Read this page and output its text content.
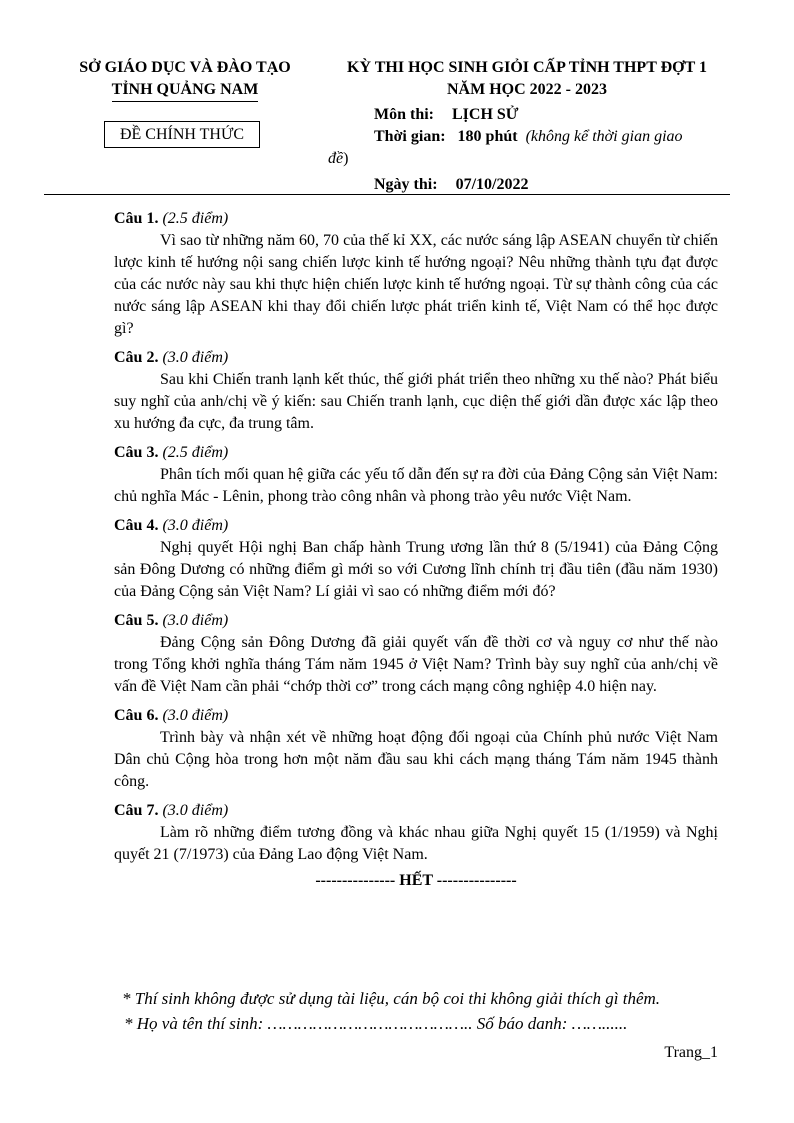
SỞ GIÁO DỤC VÀ ĐÀO TẠO
TỈNH QUẢNG NAM
KỲ THI HỌC SINH GIỎI CẤP TỈNH THPT ĐỢT 1
NĂM HỌC 2022 - 2023
ĐỀ CHÍNH THỨC
Môn thi: LỊCH SỬ
Thời gian: 180 phút (không kể thời gian giao
đề)
Ngày thi: 07/10/2022
Câu 1. (2.5 điểm)

Vì sao từ những năm 60, 70 của thế kỉ XX, các nước sáng lập ASEAN chuyển từ chiến lược kinh tế hướng nội sang chiến lược kinh tế hướng ngoại? Nêu những thành tựu đạt được của các nước này sau khi thực hiện chiến lược kinh tế hướng ngoại. Từ sự thành công của các nước sáng lập ASEAN khi thay đổi chiến lược phát triển kinh tế, Việt Nam có thể học được gì?

Câu 2. (3.0 điểm)

Sau khi Chiến tranh lạnh kết thúc, thế giới phát triển theo những xu thế nào? Phát biểu suy nghĩ của anh/chị về ý kiến: sau Chiến tranh lạnh, cục diện thế giới dần được xác lập theo xu hướng đa cực, đa trung tâm.

Câu 3. (2.5 điểm)

Phân tích mối quan hệ giữa các yếu tố dẫn đến sự ra đời của Đảng Cộng sản Việt Nam: chủ nghĩa Mác - Lênin, phong trào công nhân và phong trào yêu nước Việt Nam.

Câu 4. (3.0 điểm)

Nghị quyết Hội nghị Ban chấp hành Trung ương lần thứ 8 (5/1941) của Đảng Cộng sản Đông Dương có những điểm gì mới so với Cương lĩnh chính trị đầu tiên (đầu năm 1930) của Đảng Cộng sản Việt Nam? Lí giải vì sao có những điểm mới đó?

Câu 5. (3.0 điểm)

Đảng Cộng sản Đông Dương đã giải quyết vấn đề thời cơ và nguy cơ như thế nào trong Tổng khởi nghĩa tháng Tám năm 1945 ở Việt Nam? Trình bày suy nghĩ của anh/chị về vấn đề Việt Nam cần phải “chớp thời cơ” trong cách mạng công nghiệp 4.0 hiện nay.

Câu 6. (3.0 điểm)

Trình bày và nhận xét về những hoạt động đối ngoại của Chính phủ nước Việt Nam Dân chủ Cộng hòa trong hơn một năm đầu sau khi cách mạng tháng Tám năm 1945 thành công.

Câu 7. (3.0 điểm)

Làm rõ những điểm tương đồng và khác nhau giữa Nghị quyết 15 (1/1959) và Nghị quyết 21 (7/1973) của Đảng Lao động Việt Nam.

--------------- HẾT ---------------
* Thí sinh không được sử dụng tài liệu, cán bộ coi thi không giải thích gì thêm.
* Họ và tên thí sinh: ………………………………….. Số báo danh: ……......
Trang_1
